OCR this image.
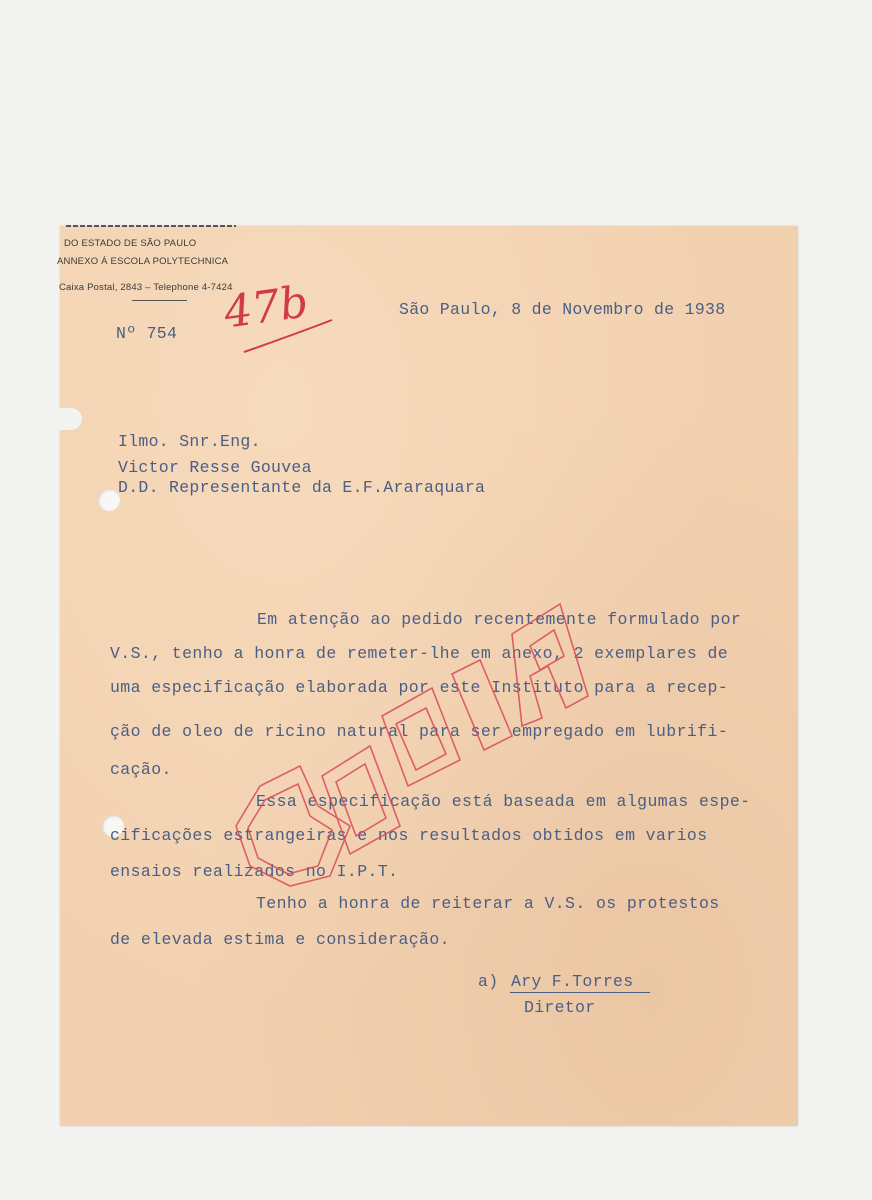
DO ESTADO DE SÃO PAULO
ANNEXO Á ESCOLA POLYTECHNICA
Caixa Postal, 2843 – Telephone 4-7424
Nº 754 47b	São Paulo, 8 de Novembro de 1938
Ilmo. Snr.Eng.
Victor Resse Gouvea
D.D. Representante da E.F.Araraquara
Em atenção ao pedido recentemente formulado por
V.S., tenho a honra de remeter-lhe em anexo, 2 exemplares de
uma especificação elaborada por este Instituto para a recep-
ção de oleo de ricino natural para ser empregado em lubrifi-
cação.
Essa especificação está baseada em algumas espe-
cificações estrangeiras e nos resultados obtidos em varios
ensaios realizados no I.P.T.
Tenho a honra de reiterar a V.S. os protestos
de elevada estima e consideração.
a) Ary F.Torres
Diretor
